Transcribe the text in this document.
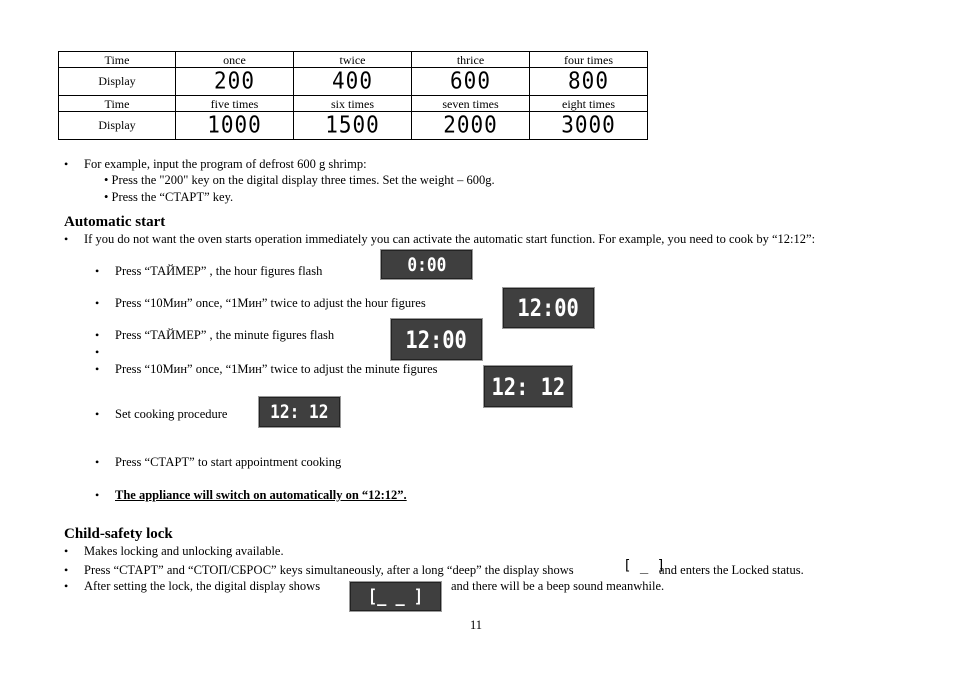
Time	once	twice	thrice	four times
Display	200	400	600	800
Time	five times	six times	seven times	eight times
Display	1000	1500	2000	3000
• For example, input the program of defrost 600 g shrimp:
• Press the "200" key on the digital display three times. Set the weight – 600g.
• Press the “СТАРТ” key.
Automatic start
• If you do not want the oven starts operation immediately you can activate the automatic start function. For example, you need to cook by “12:12”:
• Press “ТАЙМЕР” , the hour figures flash	0:00
• Press “10Мин” once, “1Мин” twice to adjust the hour figures	12:00
• Press “ТАЙМЕР” , the minute figures flash	12:00
•
• Press “10Мин” once, “1Мин” twice to adjust the minute figures
12: 12
• Set cooking procedure 12: 12
• Press “СТАРТ” to start appointment cooking
• The appliance will switch on automatically on “12:12”.
Child-safety lock
• Makes locking and unlocking available.
• Press “СТАРТ” and “СТОП/СБРОС” keys simultaneously, after a long “deep” the display shows	[ _ ]
and enters the Locked status.
• After setting the lock, the digital display shows	[_ _ ] and there will be a beep sound meanwhile.
11
